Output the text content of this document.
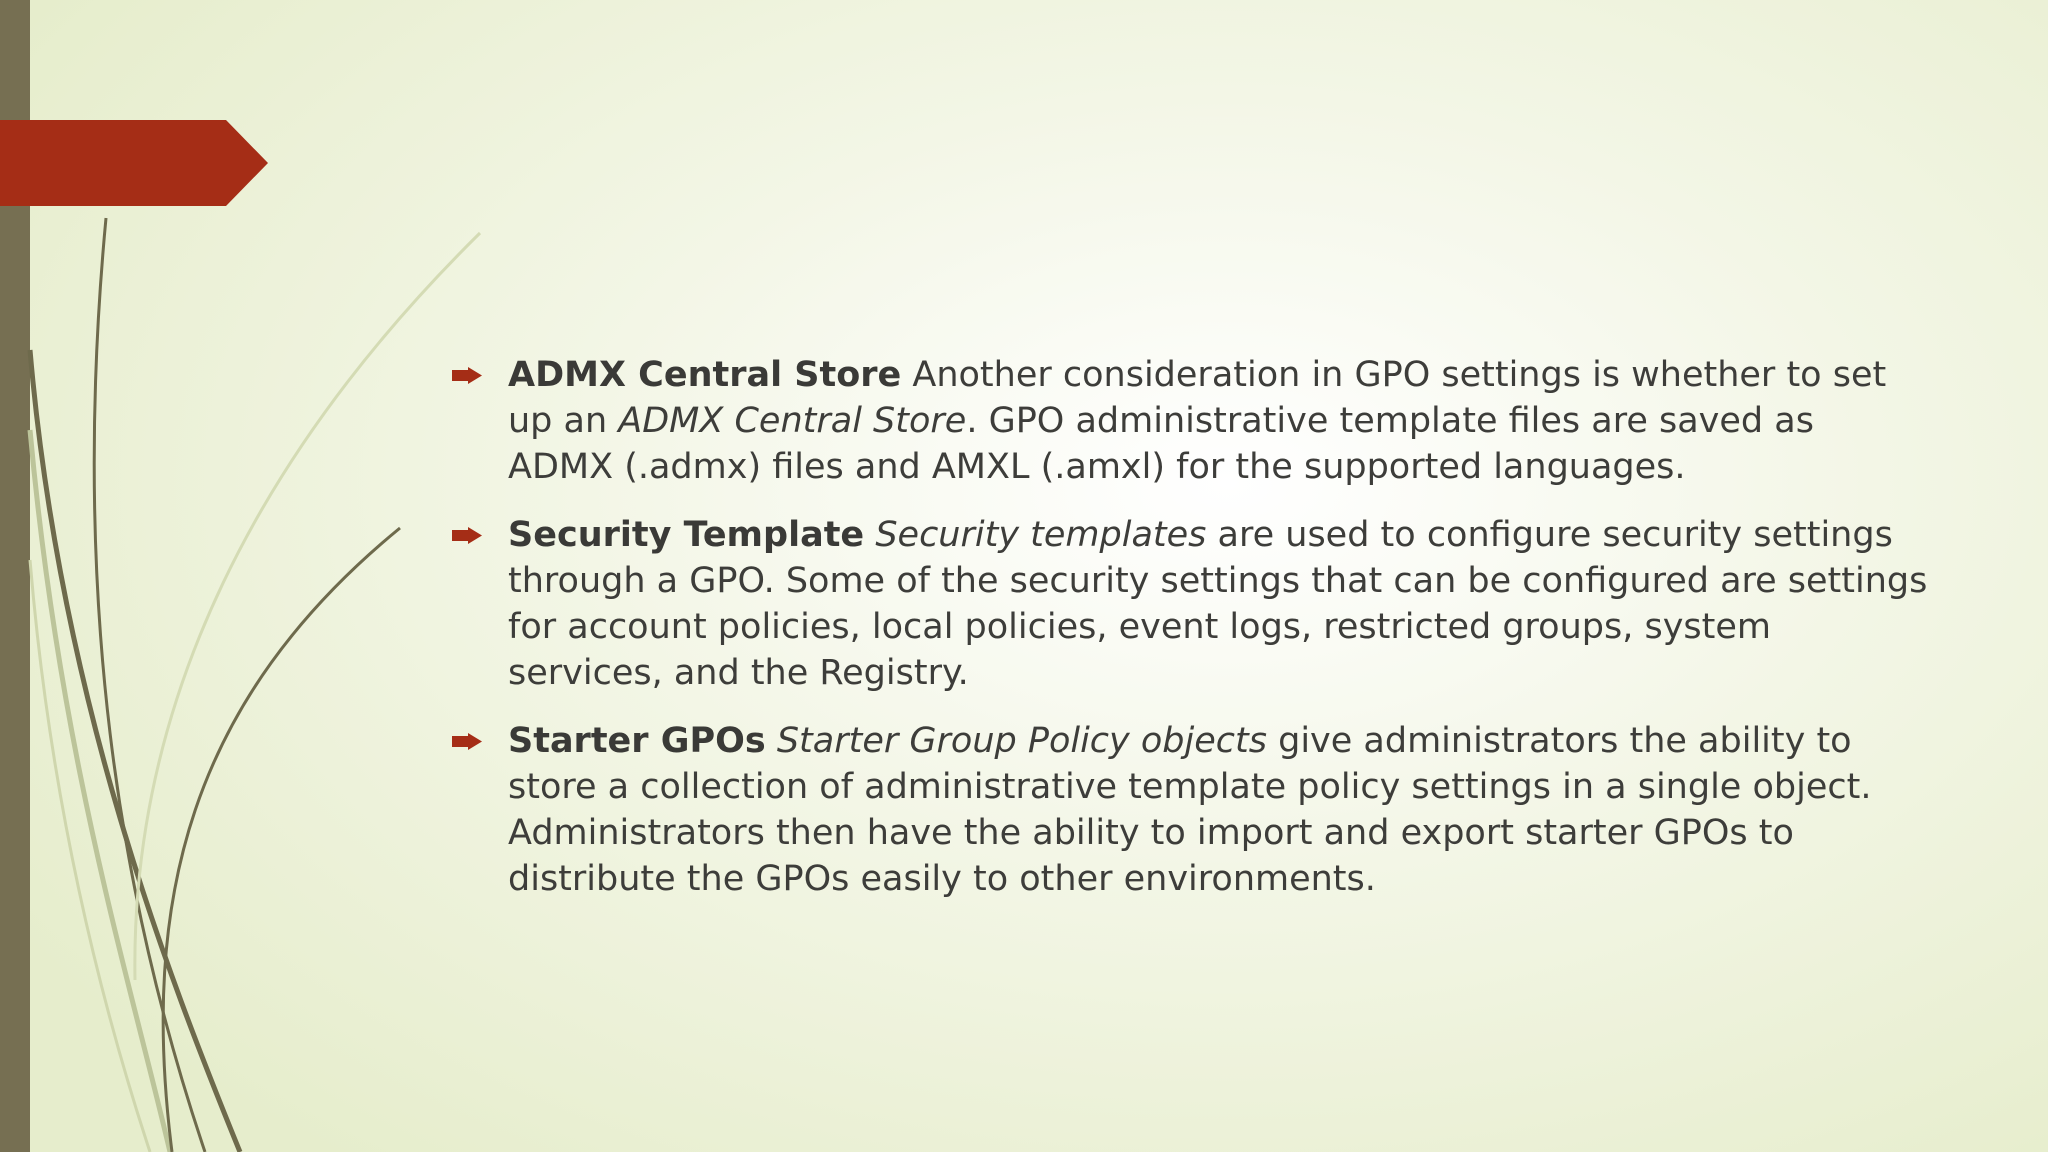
ADMX Central Store Another consideration in GPO settings is whether to set up an ADMX Central Store. GPO administrative template files are saved as ADMX (.admx) files and AMXL (.amxl) for the supported languages.
Security Template Security templates are used to configure security settings through a GPO. Some of the security settings that can be configured are settings for account policies, local policies, event logs, restricted groups, system services, and the Registry.
Starter GPOs Starter Group Policy objects give administrators the ability to store a collection of administrative template policy settings in a single object. Administrators then have the ability to import and export starter GPOs to distribute the GPOs easily to other environments.
